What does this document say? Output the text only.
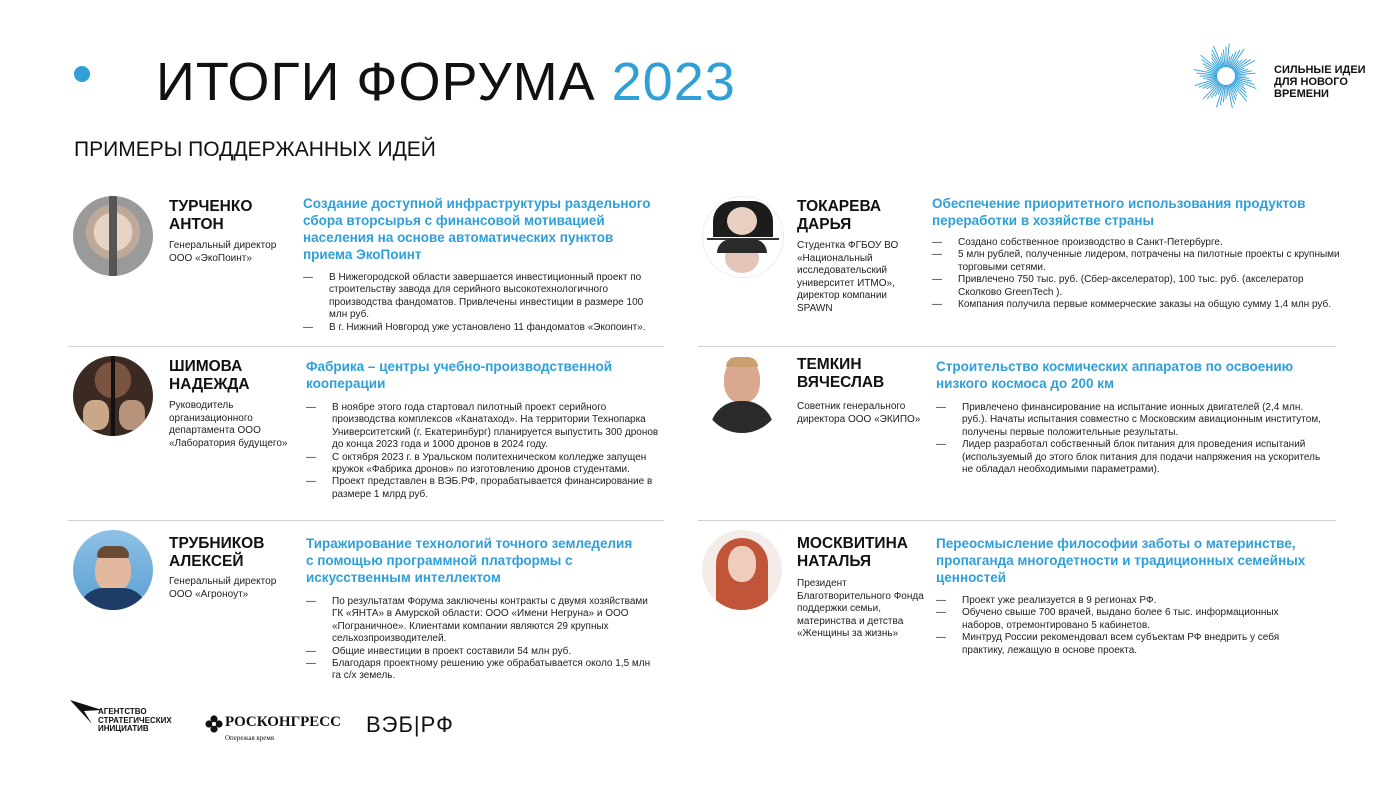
ИТОГИ ФОРУМА 2023	СИЛЬНЫЕ ИДЕИ
ДЛЯ НОВОГО
ВРЕМЕНИ
ПРИМЕРЫ ПОДДЕРЖАННЫХ ИДЕЙ
ТУРЧЕНКО
АНТОН
Генеральный директор ООО «ЭкоПоинт»
Создание доступной инфраструктуры раздельного сбора вторсырья с финансовой мотивацией населения на основе автоматических пунктов приема ЭкоПоинт
— В Нижегородской области завершается инвестиционный проект по строительству завода для серийного высокотехнологичного производства фандоматов. Привлечены инвестиции в размере 100 млн руб.
— В г. Нижний Новгород уже установлено 11 фандоматов «Экопоинт».
ТОКАРЕВА
ДАРЬЯ
Студентка ФГБОУ ВО «Национальный исследовательский университет ИТМО», директор компании SPAWN
Обеспечение приоритетного использования продуктов переработки в хозяйстве страны
— Создано собственное производство в Санкт-Петербурге.
— 5 млн рублей, полученные лидером, потрачены на пилотные проекты с крупными торговыми сетями.
— Привлечено 750 тыс. руб. (Сбер-акселератор), 100 тыс. руб. (акселератор Сколково GreenTech ).
— Компания получила первые коммерческие заказы на общую сумму 1,4 млн руб.
ШИМОВА
НАДЕЖДА
Руководитель организационного департамента ООО «Лаборатория будущего»
Фабрика – центры учебно-производственной кооперации
— В ноябре этого года стартовал пилотный проект серийного производства комплексов «Канатаход». На территории Технопарка Университетский (г. Екатеринбург) планируется выпустить 300 дронов до конца 2023 года и 1000 дронов в 2024 году.
— С октября 2023 г. в Уральском политехническом колледже запущен кружок «Фабрика дронов» по изготовлению дронов студентами.
— Проект представлен в ВЭБ.РФ, прорабатывается финансирование в размере 1 млрд руб.
ТЕМКИН
ВЯЧЕСЛАВ
Советник генерального директора ООО «ЭКИПО»
Строительство космических аппаратов по освоению низкого космоса до 200 км
— Привлечено финансирование на испытание ионных двигателей (2,4 млн. руб.). Начаты испытания совместно с Московским авиационным институтом, получены первые положительные результаты.
— Лидер разработал собственный блок питания для проведения испытаний (используемый до этого блок питания для подачи напряжения на ускоритель не обладал необходимыми параметрами).
ТРУБНИКОВ
АЛЕКСЕЙ
Генеральный директор ООО «Агроноут»
Тиражирование технологий точного земледелия с помощью программной платформы с искусственным интеллектом
— По результатам Форума заключены контракты с двумя хозяйствами ГК «ЯНТА» в Амурской области: ООО «Имени Негруна» и ООО «Пограничное». Клиентами компании являются 29 крупных сельхозпроизводителей.
— Общие инвестиции в проект составили 54 млн руб.
— Благодаря проектному решению уже обрабатывается около 1,5 млн га с/х земель.
МОСКВИТИНА
НАТАЛЬЯ
Президент Благотворительного Фонда поддержки семьи, материнства и детства «Женщины за жизнь»
Переосмысление философии заботы о материнстве, пропаганда многодетности и традиционных семейных ценностей
— Проект уже реализуется в 9 регионах РФ.
— Обучено свыше 700 врачей, выдано более 6 тыс. информационных наборов, отремонтировано 5 кабинетов.
— Минтруд России рекомендовал всем субъектам РФ внедрить у себя практику, лежащую в основе проекта.
АГЕНТСТВО
СТРАТЕГИЧЕСКИХ
ИНИЦИАТИВ	РОСКОНГРЕСС
Опережая время
ВЭБ|РФ
